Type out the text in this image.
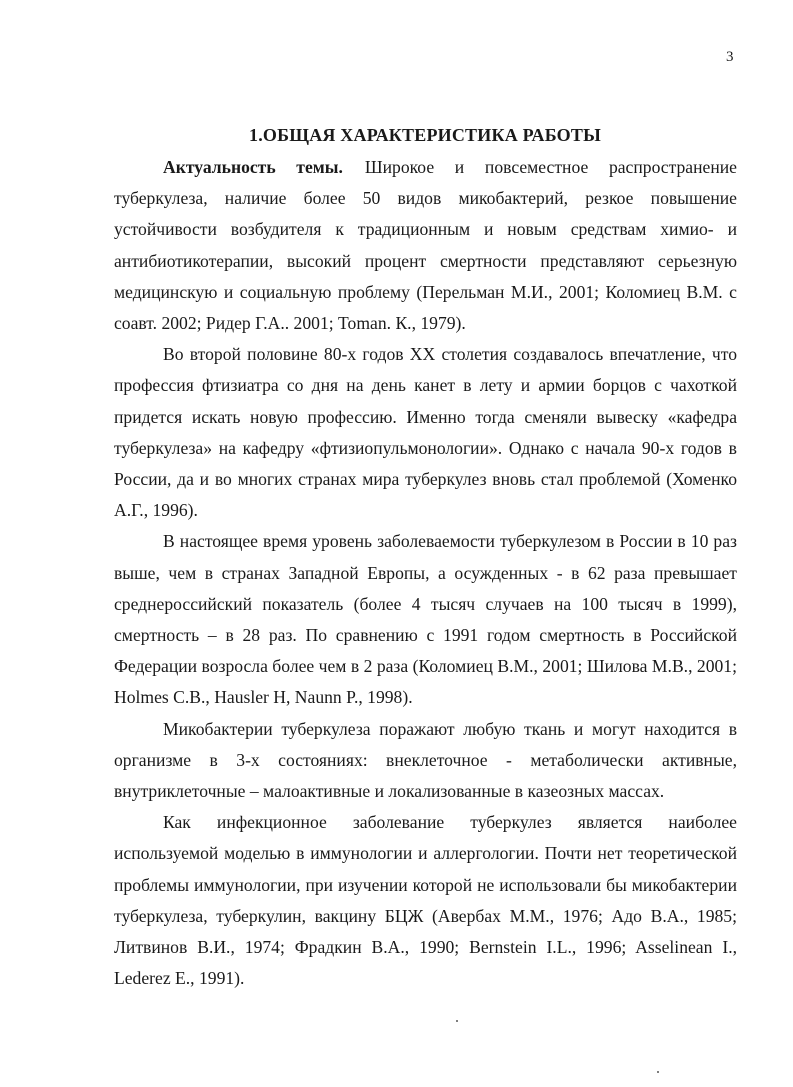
3
1.ОБЩАЯ ХАРАКТЕРИСТИКА РАБОТЫ

Актуальность темы. Широкое и повсеместное распространение туберкулеза, наличие более 50 видов микобактерий, резкое повышение устойчивости возбудителя к традиционным и новым средствам химио- и антибиотикотерапии, высокий процент смертности представляют серьезную медицинскую и социальную проблему (Перельман М.И., 2001; Коломиец В.М. с соавт. 2002; Ридер Г.А.. 2001; Toman. К., 1979).

Во второй половине 80-х годов XX столетия создавалось впечатление, что профессия фтизиатра со дня на день канет в лету и армии борцов с чахоткой придется искать новую профессию. Именно тогда сменяли вывеску «кафедра туберкулеза» на кафедру «фтизиопульмонологии». Однако с начала 90-х годов в России, да и во многих странах мира туберкулез вновь стал проблемой (Хоменко А.Г., 1996).

В настоящее время уровень заболеваемости туберкулезом в России в 10 раз выше, чем в странах Западной Европы, а осужденных - в 62 раза превышает среднероссийский показатель (более 4 тысяч случаев на 100 тысяч в 1999), смертность – в 28 раз. По сравнению с 1991 годом смертность в Российской Федерации возросла более чем в 2 раза (Коломиец В.М., 2001; Шилова М.В., 2001; Holmes С.В., Hausler H, Naunn P., 1998).

Микобактерии туберкулеза поражают любую ткань и могут находится в организме в 3-х состояниях: внеклеточное - метаболически активные, внутриклеточные – малоактивные и локализованные в казеозных массах.

Как инфекционное заболевание туберкулез является наиболее используемой моделью в иммунологии и аллергологии. Почти нет теоретической проблемы иммунологии, при изучении которой не использовали бы микобактерии туберкулеза, туберкулин, вакцину БЦЖ (Авербах М.М., 1976; Адо В.А., 1985; Литвинов В.И., 1974; Фрадкин В.А., 1990; Bernstein I.L., 1996; Asselinean I., Lederez E., 1991).
